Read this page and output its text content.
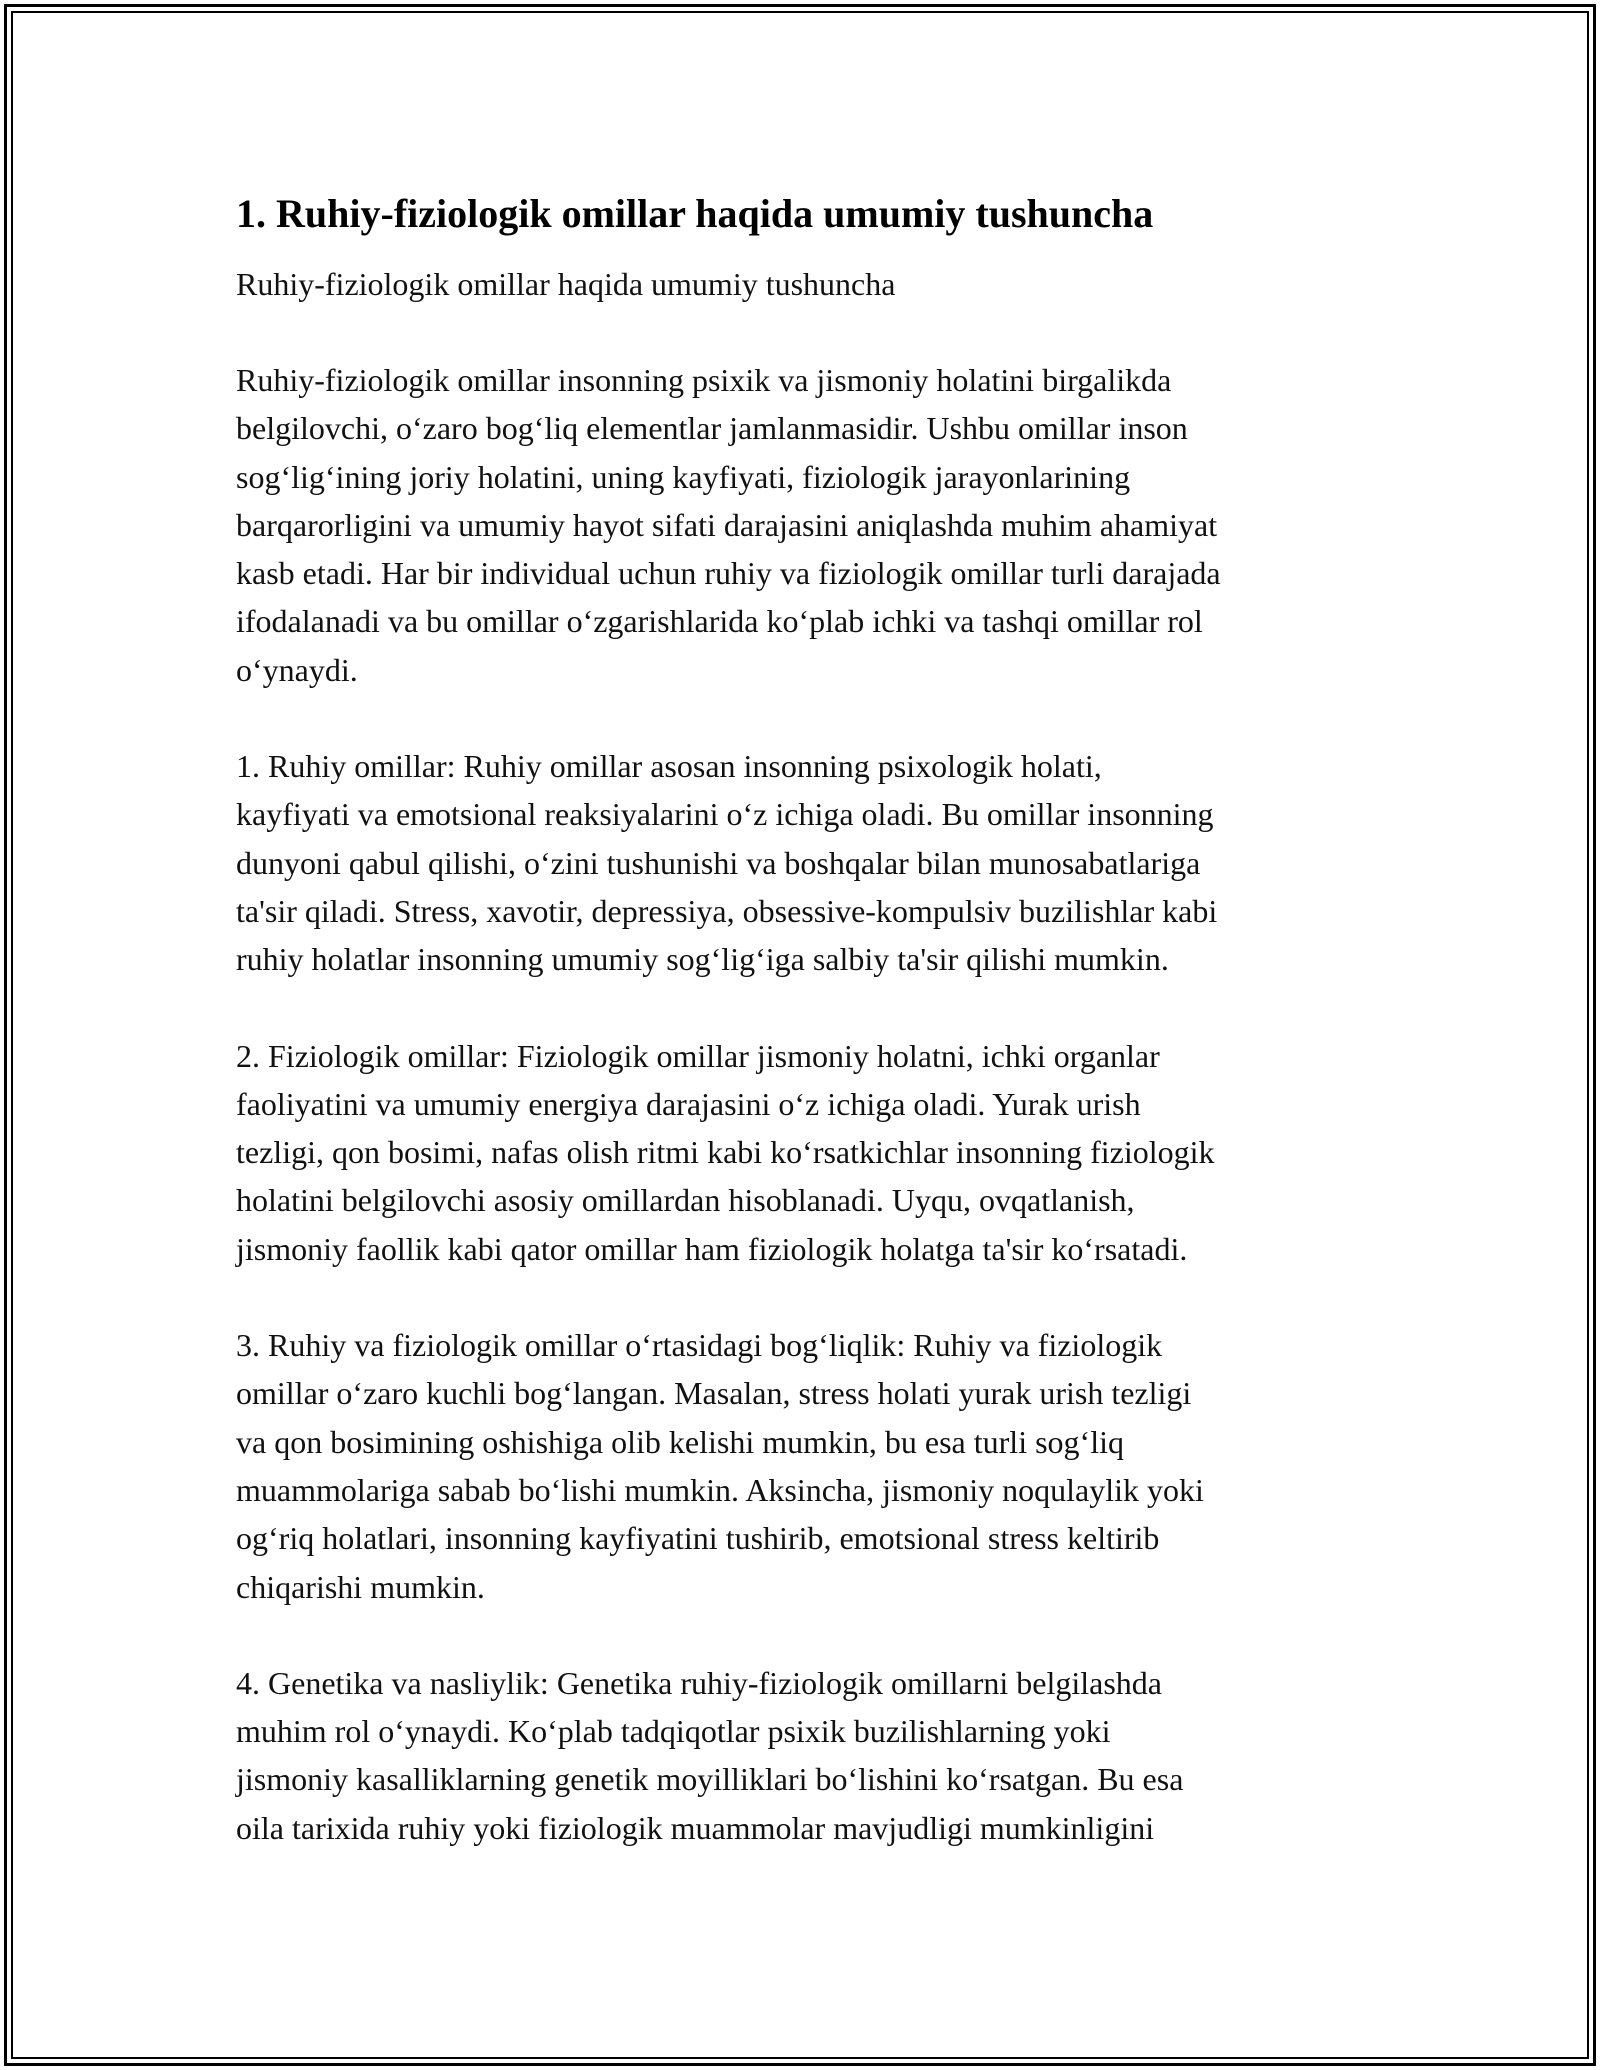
1. Ruhiy-fiziologik omillar haqida umumiy tushuncha

Ruhiy-fiziologik omillar haqida umumiy tushuncha

Ruhiy-fiziologik omillar insonning psixik va jismoniy holatini birgalikda
belgilovchi, o‘zaro bog‘liq elementlar jamlanmasidir. Ushbu omillar inson
sog‘lig‘ining joriy holatini, uning kayfiyati, fiziologik jarayonlarining
barqarorligini va umumiy hayot sifati darajasini aniqlashda muhim ahamiyat
kasb etadi. Har bir individual uchun ruhiy va fiziologik omillar turli darajada
ifodalanadi va bu omillar o‘zgarishlarida ko‘plab ichki va tashqi omillar rol
o‘ynaydi.

1. Ruhiy omillar: Ruhiy omillar asosan insonning psixologik holati,
kayfiyati va emotsional reaksiyalarini o‘z ichiga oladi. Bu omillar insonning
dunyoni qabul qilishi, o‘zini tushunishi va boshqalar bilan munosabatlariga
ta'sir qiladi. Stress, xavotir, depressiya, obsessive-kompulsiv buzilishlar kabi
ruhiy holatlar insonning umumiy sog‘lig‘iga salbiy ta'sir qilishi mumkin.

2. Fiziologik omillar: Fiziologik omillar jismoniy holatni, ichki organlar
faoliyatini va umumiy energiya darajasini o‘z ichiga oladi. Yurak urish
tezligi, qon bosimi, nafas olish ritmi kabi ko‘rsatkichlar insonning fiziologik
holatini belgilovchi asosiy omillardan hisoblanadi. Uyqu, ovqatlanish,
jismoniy faollik kabi qator omillar ham fiziologik holatga ta'sir ko‘rsatadi.

3. Ruhiy va fiziologik omillar o‘rtasidagi bog‘liqlik: Ruhiy va fiziologik
omillar o‘zaro kuchli bog‘langan. Masalan, stress holati yurak urish tezligi
va qon bosimining oshishiga olib kelishi mumkin, bu esa turli sog‘liq
muammolariga sabab bo‘lishi mumkin. Aksincha, jismoniy noqulaylik yoki
og‘riq holatlari, insonning kayfiyatini tushirib, emotsional stress keltirib
chiqarishi mumkin.

4. Genetika va nasliylik: Genetika ruhiy-fiziologik omillarni belgilashda
muhim rol o‘ynaydi. Ko‘plab tadqiqotlar psixik buzilishlarning yoki
jismoniy kasalliklarning genetik moyilliklari bo‘lishini ko‘rsatgan. Bu esa
oila tarixida ruhiy yoki fiziologik muammolar mavjudligi mumkinligini
